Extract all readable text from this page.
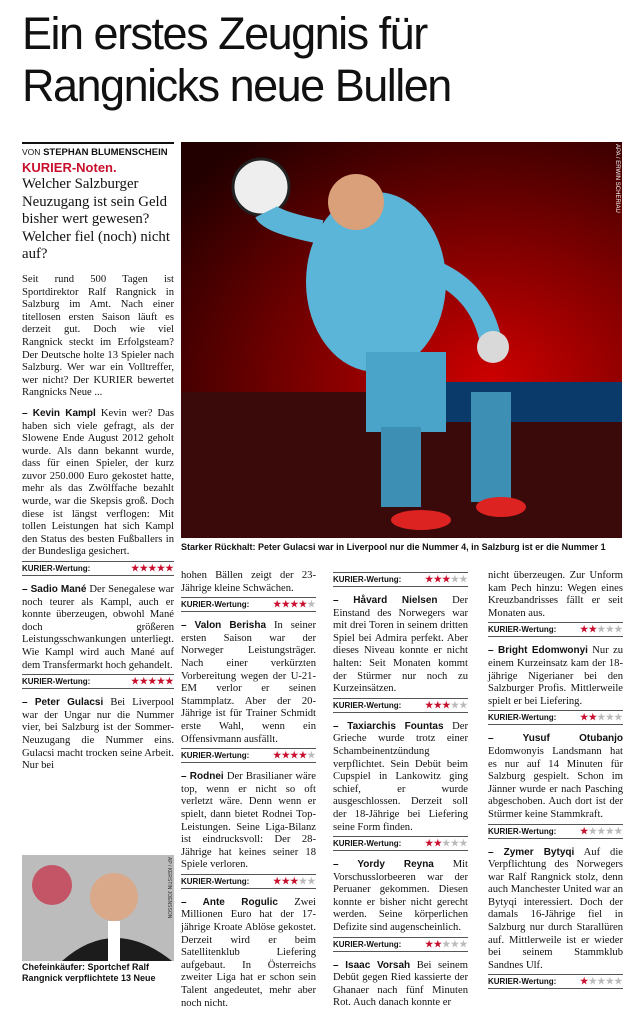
Ein erstes Zeugnis für
Rangnicks neue Bullen
VON STEPHAN BLUMENSCHEIN
KURIER-Noten.

Welcher Salzburger Neuzugang ist sein Geld bisher wert gewesen? Welcher fiel (noch) nicht auf?

Seit rund 500 Tagen ist Sportdirektor Ralf Rangnick in Salzburg im Amt. Nach einer titellosen ersten Saison läuft es derzeit gut. Doch wie viel Rangnick steckt im Erfolgsteam? Der Deutsche holte 13 Spieler nach Salzburg. Wer war ein Volltreffer, wer nicht? Der KURIER bewertet Rangnicks Neue ...

– Kevin Kampl Kevin wer? Das haben sich viele gefragt, als der Slowene Ende August 2012 geholt wurde. Als dann bekannt wurde, dass für einen Spieler, der kurz zuvor 250.000 Euro gekostet hatte, mehr als das Zwölffache bezahlt wurde, war die Skepsis groß. Doch diese ist längst verflogen: Mit tollen Leistungen hat sich Kampl den Status des besten Fußballers in der Bundesliga gesichert.

KURIER-Wertung:	★★★★★

– Sadio Mané Der Senegalese war noch teurer als Kampl, auch er konnte überzeugen, obwohl Mané doch größeren Leistungsschwankungen unterliegt. Wie Kampl wird auch Mané auf dem Transfermarkt hoch gehandelt.

KURIER-Wertung:	★★★★★

– Peter Gulacsi Bei Liverpool war der Ungar nur die Nummer vier, bei Salzburg ist der Sommer-Neuzugang die Nummer eins. Gulacsi macht trocken seine Arbeit. Nur bei

APA / ERWIN SCHERIAU
Starker Rückhalt: Peter Gulacsi war in Liverpool nur die Nummer 4, in Salzburg ist er die Nummer 1

hohen Bällen zeigt der 23-Jährige kleine Schwächen.

KURIER-Wertung:	★★★★★

– Valon Berisha In seiner ersten Saison war der Norweger Leistungsträger. Nach einer verkürzten Vorbereitung wegen der U-21-EM verlor er seinen Stammplatz. Aber der 20-Jährige ist für Trainer Schmidt erste Wahl, wenn ein Offensivmann ausfällt.

KURIER-Wertung:	★★★★★

– Rodnei Der Brasilianer wäre top, wenn er nicht so oft verletzt wäre. Denn wenn er spielt, dann bietet Rodnei Top-Leistungen. Seine Liga-Bilanz ist eindrucksvoll: Der 28-Jährige hat keines seiner 18 Spiele verloren.

KURIER-Wertung:	★★★★★

– Ante Rogulic Zwei Millionen Euro hat der 17-jährige Kroate Ablöse gekostet. Derzeit wird er beim Satellitenklub Liefering aufgebaut. In Österreichs zweiter Liga hat er schon sein Talent angedeutet, mehr aber noch nicht.

KURIER-Wertung:	★★★★★

– Håvard Nielsen Der Einstand des Norwegers war mit drei Toren in seinem dritten Spiel bei Admira perfekt. Aber dieses Niveau konnte er nicht halten: Seit Monaten kommt der Stürmer nur noch zu Kurzeinsätzen.

KURIER-Wertung:	★★★★★

– Taxiarchis Fountas Der Grieche wurde trotz einer Schambeinentzündung verpflichtet. Sein Debüt beim Cupspiel in Lankowitz ging schief, er wurde ausgeschlossen. Derzeit soll der 18-Jährige bei Liefering seine Form finden.

KURIER-Wertung:	★★★★★

– Yordy Reyna Mit Vorschusslorbeeren war der Peruaner gekommen. Diesen konnte er bisher nicht gerecht werden. Seine körperlichen Defizite sind augenscheinlich.

KURIER-Wertung:	★★★★★

– Isaac Vorsah Bei seinem Debüt gegen Ried kassierte der Ghanaer nach fünf Minuten Rot. Auch danach konnte er

nicht überzeugen. Zur Unform kam Pech hinzu: Wegen eines Kreuzbandrisses fällt er seit Monaten aus.

KURIER-Wertung:	★★★★★

– Bright Edomwonyi Nur zu einem Kurzeinsatz kam der 18-jährige Nigerianer bei den Salzburger Profis. Mittlerweile spielt er bei Liefering.

KURIER-Wertung:	★★★★★

– Yusuf Otubanjo Edomwonyis Landsmann hat es nur auf 14 Minuten für Salzburg gespielt. Schon im Jänner wurde er nach Pasching abgeschoben. Auch dort ist der Stürmer keine Stammkraft.

KURIER-Wertung:	★★★★★

– Zymer Bytyqi Auf die Verpflichtung des Norwegers war Ralf Rangnick stolz, denn auch Manchester United war an Bytyqi interessiert. Doch der damals 16-Jährige fiel in Salzburg nur durch Starallüren auf. Mittlerweile ist er wieder bei seinem Stammklub Sandnes Ulf.

KURIER-Wertung:	★★★★★
AP / KERSTIN JOENSSON
Chefeinkäufer: Sportchef Ralf Rangnick verpflichtete 13 Neue
